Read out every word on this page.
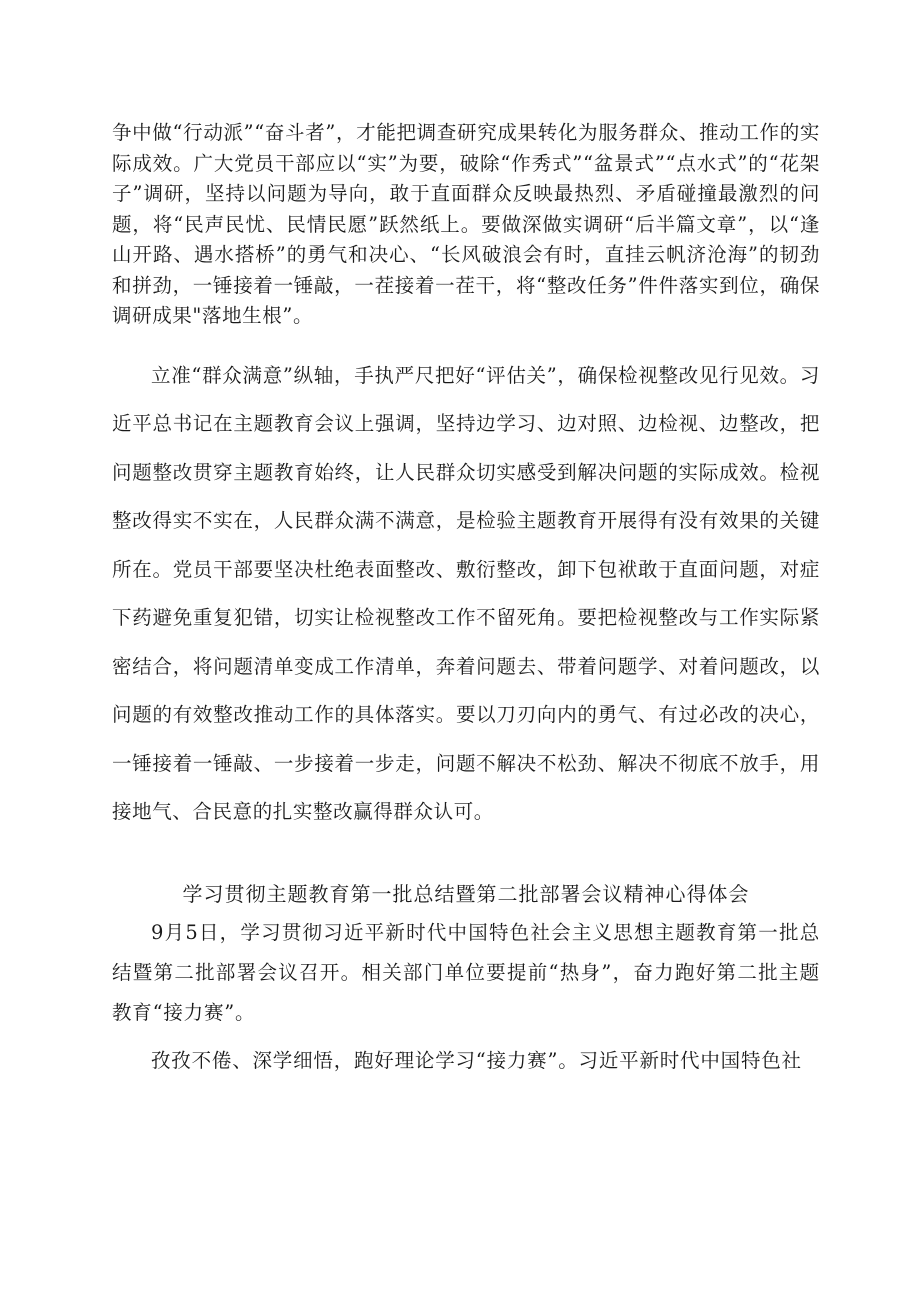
争中做“行动派”“奋斗者”，才能把调查研究成果转化为服务群众、推动工作的实际成效。广大党员干部应以“实”为要，破除“作秀式”“盆景式”“点水式”的“花架子”调研，坚持以问题为导向，敢于直面群众反映最热烈、矛盾碰撞最激烈的问题，将“民声民忧、民情民愿”跃然纸上。要做深做实调研“后半篇文章”，以“逢山开路、遇水搭桥”的勇气和决心、“长风破浪会有时，直挂云帆济沧海”的韧劲和拼劲，一锤接着一锤敲，一茬接着一茬干，将“整改任务”件件落实到位，确保调研成果"落地生根”。

立准“群众满意”纵轴，手执严尺把好“评估关”，确保检视整改见行见效。习近平总书记在主题教育会议上强调，坚持边学习、边对照、边检视、边整改，把问题整改贯穿主题教育始终，让人民群众切实感受到解决问题的实际成效。检视整改得实不实在，人民群众满不满意，是检验主题教育开展得有没有效果的关键所在。党员干部要坚决杜绝表面整改、敷衍整改，卸下包袱敢于直面问题，对症下药避免重复犯错，切实让检视整改工作不留死角。要把检视整改与工作实际紧密结合，将问题清单变成工作清单，奔着问题去、带着问题学、对着问题改，以问题的有效整改推动工作的具体落实。要以刀刃向内的勇气、有过必改的决心，一锤接着一锤敲、一步接着一步走，问题不解决不松劲、解决不彻底不放手，用接地气、合民意的扎实整改赢得群众认可。

学习贯彻主题教育第一批总结暨第二批部署会议精神心得体会

9月5日，学习贯彻习近平新时代中国特色社会主义思想主题教育第一批总结暨第二批部署会议召开。相关部门单位要提前“热身”，奋力跑好第二批主题教育“接力赛”。

孜孜不倦、深学细悟，跑好理论学习“接力赛”。习近平新时代中国特色社
